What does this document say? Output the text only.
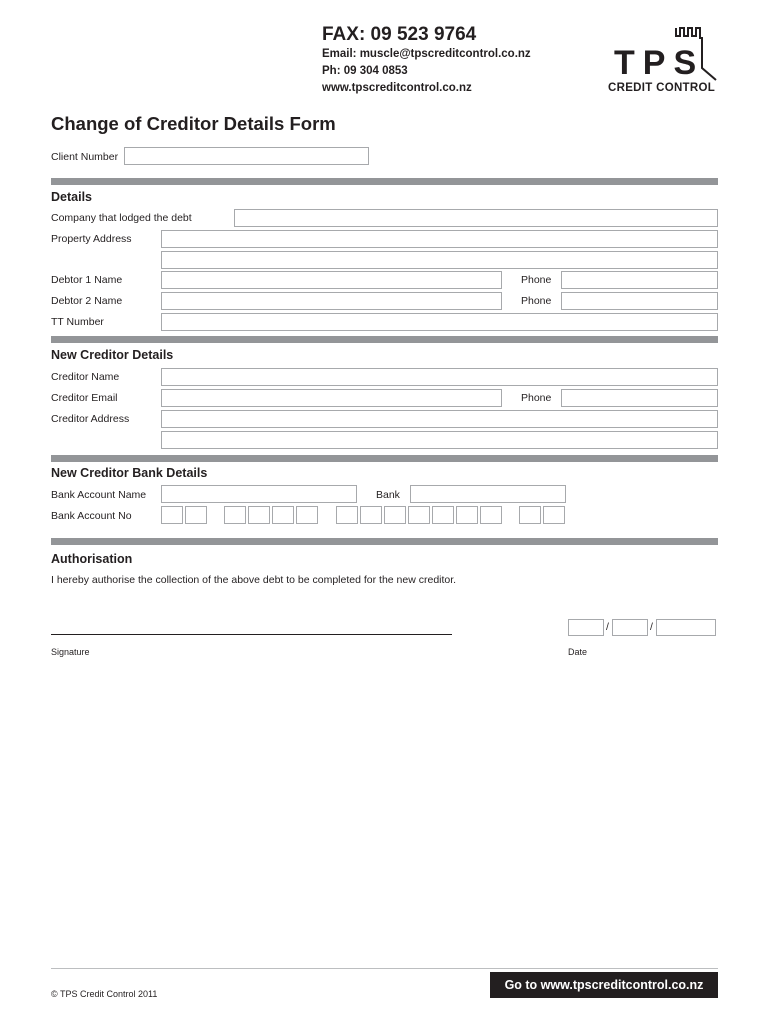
FAX: 09 523 9764
Email: muscle@tpscreditcontrol.co.nz
Ph: 09 304 0853
www.tpscreditcontrol.co.nz
TPS
CREDIT CONTROL
Change of Creditor Details Form
Client Number
Details
Company that lodged the debt
Property Address
Debtor 1 Name	Phone
Debtor 2 Name	Phone
TT Number
New Creditor Details
Creditor Name
Creditor Email	Phone
Creditor Address
New Creditor Bank Details
Bank Account Name	Bank
Bank Account No
Authorisation
I hereby authorise the collection of the above debt to be completed for the new creditor.
Signature
/	/
Date
© TPS Credit Control 2011
Go to www.tpscreditcontrol.co.nz
